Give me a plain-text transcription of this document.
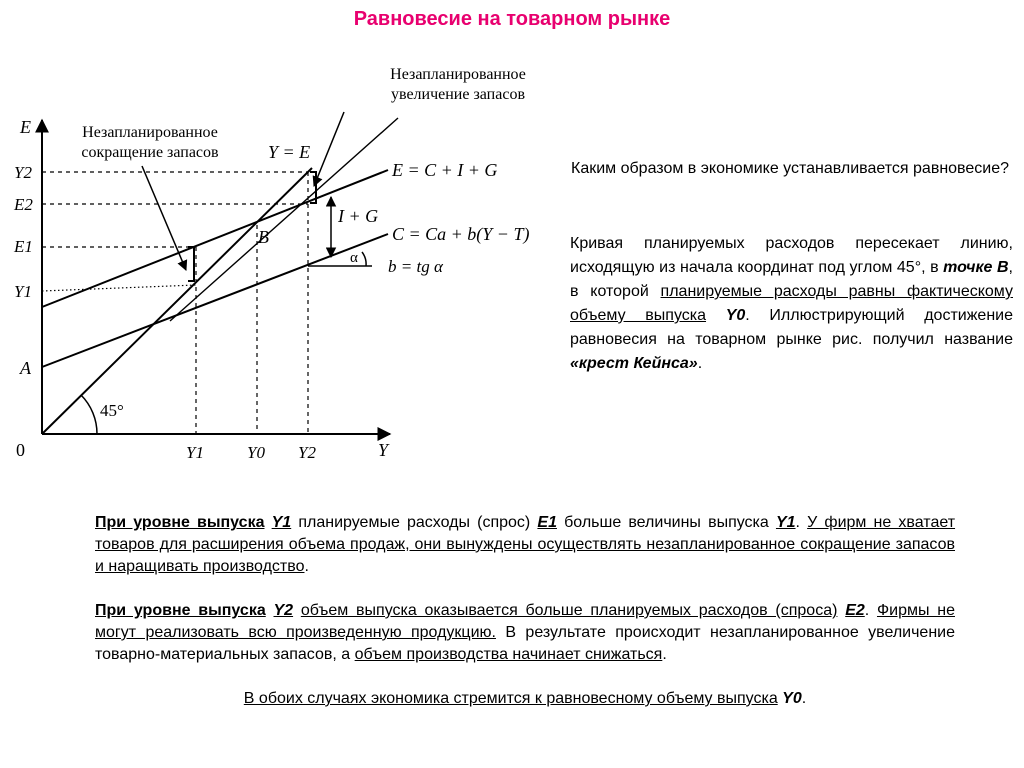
Равновесие на товарном рынке
Незапланированное увеличение запасов
Незапланированное сокращение запасов
E
Y
0
A
B
Y = E
E = C + I + G
C = Ca + b(Y − T)
I + G
α b = tg α
45°
Y2
E2
E1
Y1
Y1	Y0 Y2
Каким образом в экономике устанавливается равновесие?
Кривая планируемых расходов пересекает линию, исходящую из начала координат под углом 45°, в точке B, в которой планируемые расходы равны фактическому объему выпуска Y0. Иллюстрирующий достижение равновесия на товарном рынке рис. получил название «крест Кейнса».

При уровне выпуска Y1 планируемые расходы (спрос) E1 больше величины выпуска Y1. У фирм не хватает товаров для расширения объема продаж, они вынуждены осуществлять незапланированное сокращение запасов и наращивать производство.

При уровне выпуска Y2 объем выпуска оказывается больше планируемых расходов (спроса) E2. Фирмы не могут реализовать всю произведенную продукцию. В результате происходит незапланированное увеличение товарно-материальных запасов, а объем производства начинает снижаться.

В обоих случаях экономика стремится к равновесному объему выпуска Y0.
